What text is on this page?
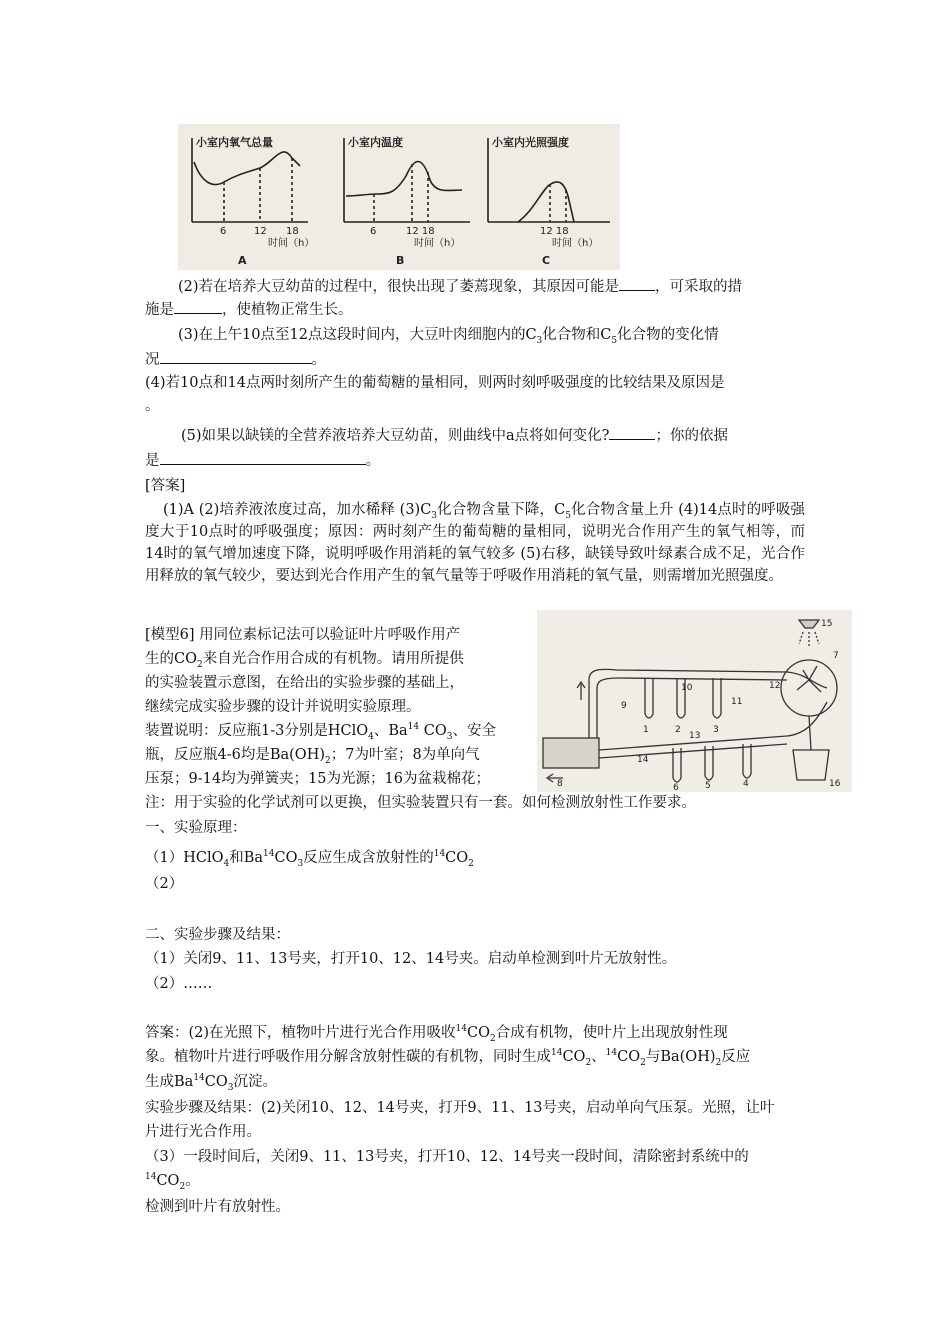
小室内氧气总量	小室内温度	小室内光照强度
6	12 18
时间（h）
6	12 18
时间（h）
12 18
时间（h）
A	B	C
(2)若在培养大豆幼苗的过程中，很快出现了萎蔫现象，其原因可能是 ，可采取的措
施是	，使植物正常生长。
(3)在上午10点至12点这段时间内，大豆叶肉细胞内的$C_3$化合物和$C_5$化合物的变化情
况	。
(4)若10点和14点两时刻所产生的葡萄糖的量相同，则两时刻呼吸强度的比较结果及原因是
。
(5)如果以缺镁的全营养液培养大豆幼苗，则曲线中a点将如何变化?	；你的依据
是	。
[答案]
(1)A (2)培养液浓度过高，加水稀释 $(3)C_3$化合物含量下降，$C_5$化合物含量上升 (4)14点时的呼吸强度大于10点时的呼吸强度；原因：两时刻产生的葡萄糖的量相同，说明光合作用产生的氧气相等，而14时的氧气增加速度下降，说明呼吸作用消耗的氧气较多 (5)右移，缺镁导致叶绿素合成不足，光合作用释放的氧气较少，要达到光合作用产生的氧气量等于呼吸作用消耗的氧气量，则需增加光照强度。
[模型6] 用同位素标记法可以验证叶片呼吸作用产
生的$CO_2$来自光合作用合成的有机物。请用所提供
的实验装置示意图，在给出的实验步骤的基础上，
继续完成实验步骤的设计并说明实验原理。
装置说明：反应瓶1-3分别是HClO$_4$、Ba$^{14}$ $CO_3$、安全
瓶，反应瓶4-6均是$Ba(OH)_2$；7为叶室；8为单向气
压泵；9-14均为弹簧夹；15为光源；16为盆栽棉花；
注：用于实验的化学试剂可以更换，但实验装置只有一套。如何检测放射性工作要求。
15
7
10
9	11
12
1	2	3
13
8
14
6	5	4	16
一、实验原理：
（1）HClO$_4$和$Ba^{14}CO_3$反应生成含放射性的$^{14}CO_2$
（2）
二、实验步骤及结果：
（1）关闭9、11、13号夹，打开10、12、14号夹。启动单检测到叶片无放射性。
（2）……
答案：(2)在光照下，植物叶片进行光合作用吸收$^{14}CO_2$合成有机物，使叶片上出现放射性现
象。植物叶片进行呼吸作用分解含放射性碳的有机物，同时生成$^{14}CO_2$、$^{14}CO_2$与$Ba(OH)_2$反应
生成$Ba^{14}CO_3$沉淀。
实验步骤及结果：(2)关闭10、12、14号夹，打开9、11、13号夹，启动单向气压泵。光照，让叶
片进行光合作用。
（3）一段时间后，关闭9、11、13号夹，打开10、12、14号夹一段时间，清除密封系统中的
$^{14}CO_2$。
检测到叶片有放射性。
